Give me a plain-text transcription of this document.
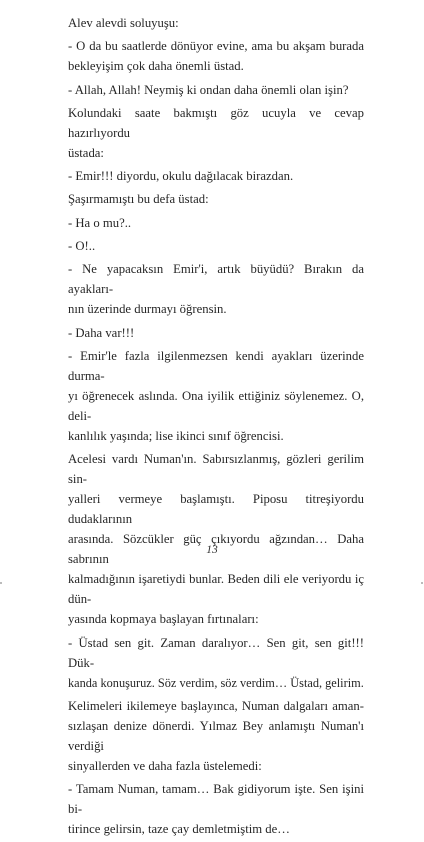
Alev alevdi soluyuşu:

- O da bu saatlerde dönüyor evine, ama bu akşam burada
bekleyişim çok daha önemli üstad.

- Allah, Allah! Neymiş ki ondan daha önemli olan işin?

Kolundaki saate bakmıştı göz ucuyla ve cevap hazırlıyordu
üstada:

- Emir!!! diyordu, okulu dağılacak birazdan.

Şaşırmamıştı bu defa üstad:

- Ha o mu?..

- O!..

- Ne yapacaksın Emir'i, artık büyüdü? Bırakın da ayakları-
nın üzerinde durmayı öğrensin.

- Daha var!!!

- Emir'le fazla ilgilenmezsen kendi ayakları üzerinde durma-
yı öğrenecek aslında. Ona iyilik ettiğiniz söylenemez. O, deli-
kanlılık yaşında; lise ikinci sınıf öğrencisi.

Acelesi vardı Numan'ın. Sabırsızlanmış, gözleri gerilim sin-
yalleri vermeye başlamıştı. Piposu titreşiyordu dudaklarının
arasında. Sözcükler güç çıkıyordu ağzından… Daha sabrının
kalmadığının işaretiydi bunlar. Beden dili ele veriyordu iç dün-
yasında kopmaya başlayan fırtınaları:

- Üstad sen git. Zaman daralıyor… Sen git, sen git!!! Dük-
kanda konuşuruz. Söz verdim, söz verdim… Üstad, gelirim.

Kelimeleri ikilemeye başlayınca, Numan dalgaları aman-
sızlaşan denize dönerdi. Yılmaz Bey anlamıştı Numan'ı verdiği
sinyallerden ve daha fazla üstelemedi:

- Tamam Numan, tamam… Bak gidiyorum işte. Sen işini bi-
tirince gelirsin, taze çay demletmiştim de…

13
